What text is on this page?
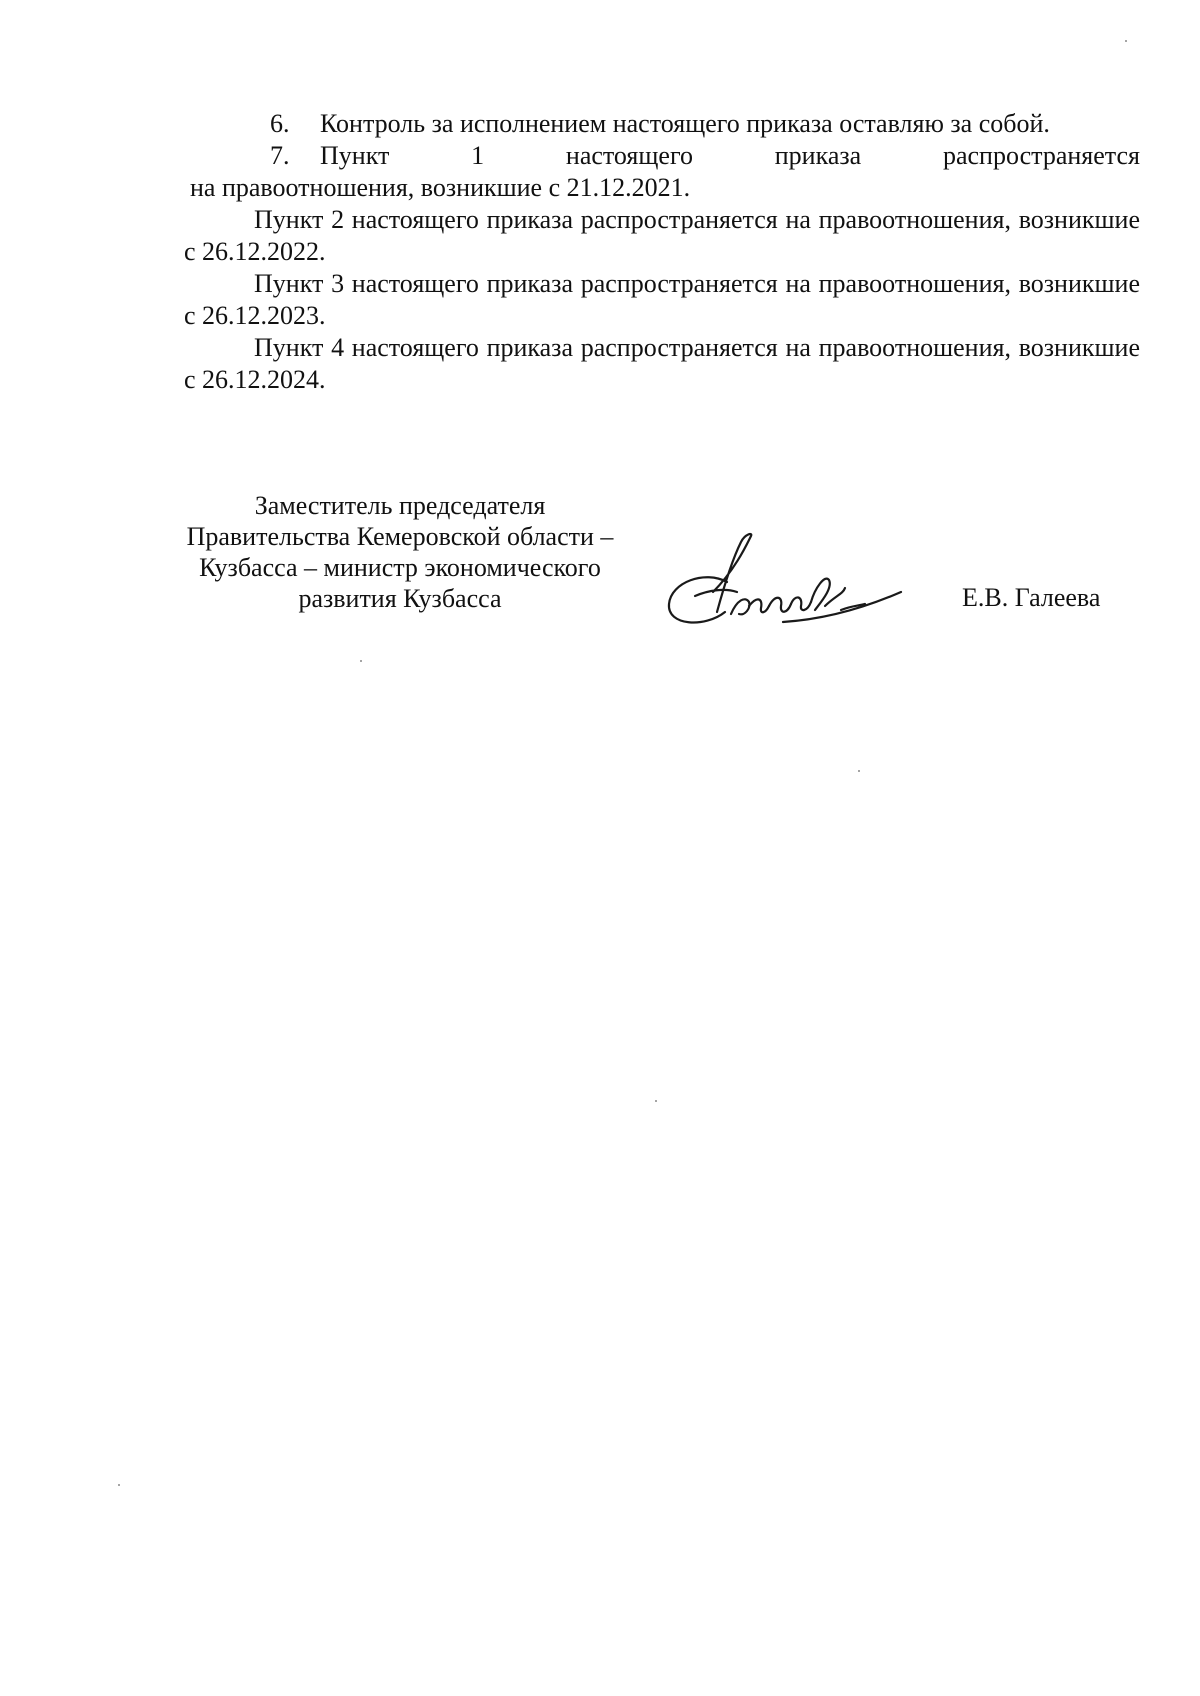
6. Контроль за исполнением настоящего приказа оставляю за собой.

7. Пункт	1	настоящего	приказа	распространяется
на правоотношения, возникшие с 21.12.2021.

Пункт 2 настоящего приказа распространяется на правоотношения, возникшие с 26.12.2022.

Пункт 3 настоящего приказа распространяется на правоотношения, возникшие с 26.12.2023.

Пункт 4 настоящего приказа распространяется на правоотношения, возникшие с 26.12.2024.

Заместитель председателя
Правительства Кемеровской области –
Кузбасса – министр экономического
развития Кузбасса	Е.В. Галеева
